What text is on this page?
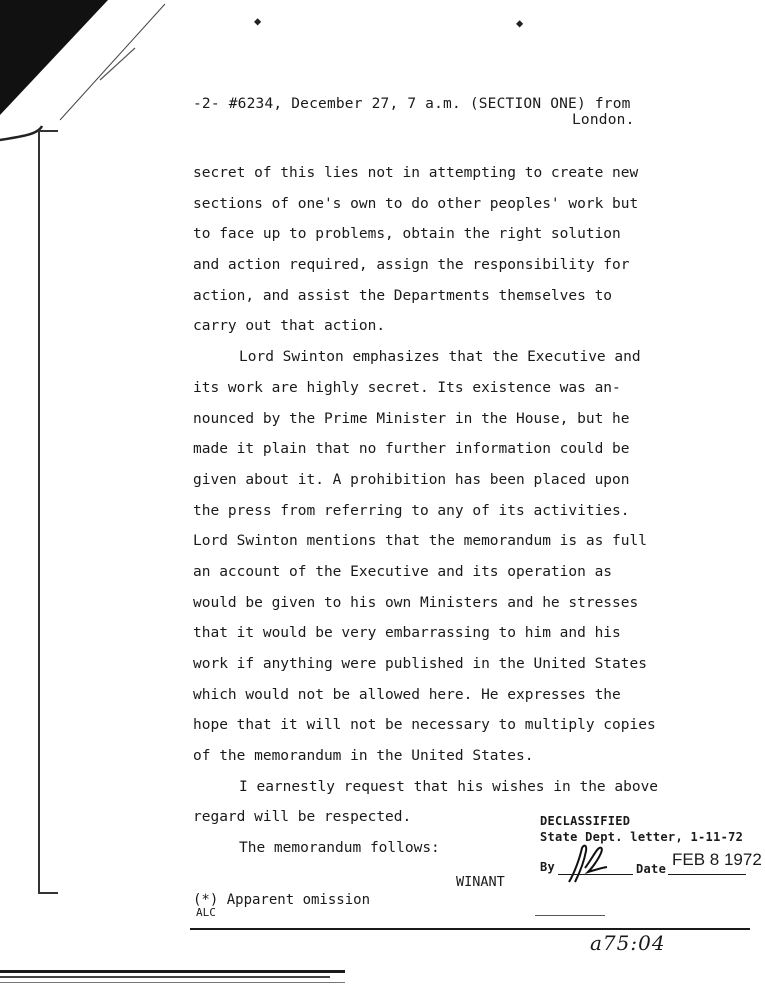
◆	◆
-2- #6234, December 27, 7 a.m. (SECTION ONE) from
London.
secret of this lies not in attempting to create new
sections of one's own to do other peoples' work but
to face up to problems, obtain the right solution
and action required, assign the responsibility for
action, and assist the Departments themselves to
carry out that action.
Lord Swinton emphasizes that the Executive and
its work are highly secret. Its existence was an-
nounced by the Prime Minister in the House, but he
made it plain that no further information could be
given about it. A prohibition has been placed upon
the press from referring to any of its activities.
Lord Swinton mentions that the memorandum is as full
an account of the Executive and its operation as
would be given to his own Ministers and he stresses
that it would be very embarrassing to him and his
work if anything were published in the United States
which would not be allowed here. He expresses the
hope that it will not be necessary to multiply copies
of the memorandum in the United States.
I earnestly request that his wishes in the above
regard will be respected.
The memorandum follows:
DECLASSIFIED
State Dept. letter, 1-11-72
By	Date FEB 8 1972
WINANT
(*) Apparent omission
ALC
a75:04
